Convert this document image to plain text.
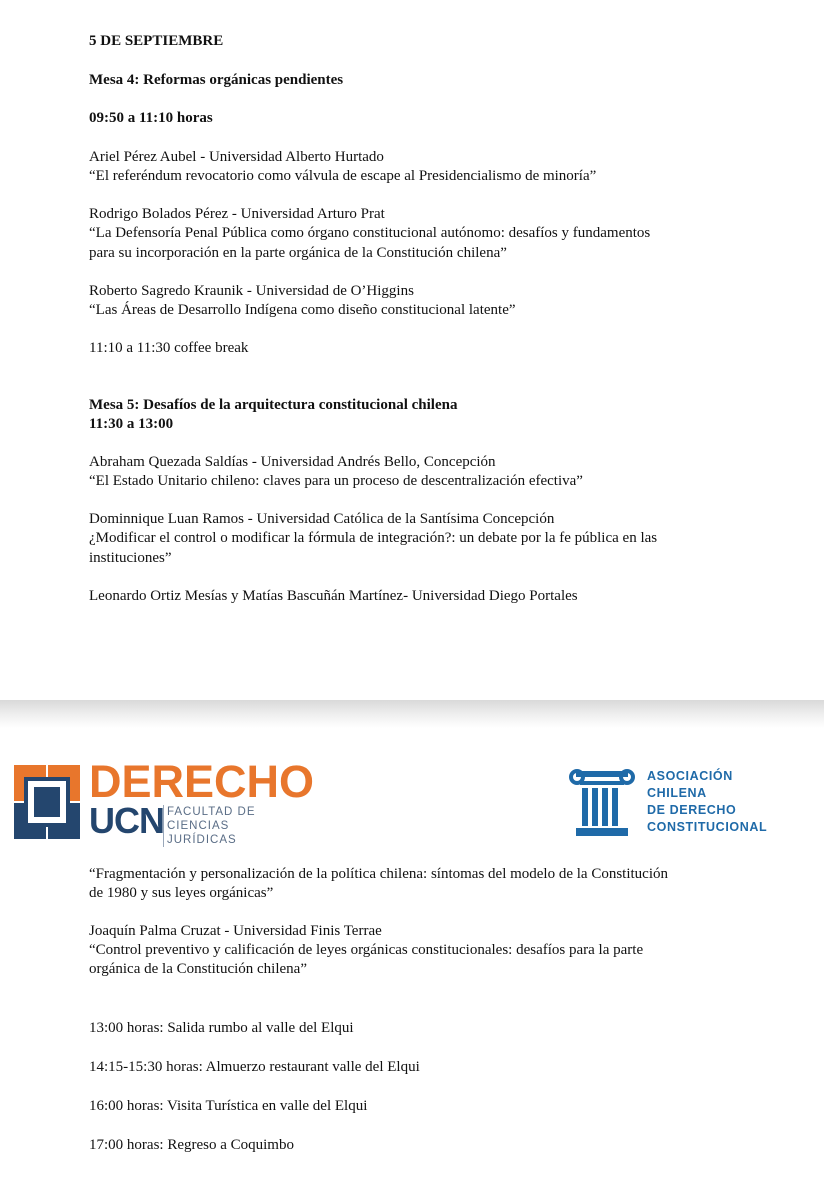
5 DE SEPTIEMBRE
Mesa 4: Reformas orgánicas pendientes
09:50 a 11:10 horas
Ariel Pérez Aubel - Universidad Alberto Hurtado
“El referéndum revocatorio como válvula de escape al Presidencialismo de minoría”
Rodrigo Bolados Pérez - Universidad Arturo Prat
“La Defensoría Penal Pública como órgano constitucional autónomo: desafíos y fundamentos
para su incorporación en la parte orgánica de la Constitución chilena”
Roberto Sagredo Kraunik - Universidad de O’Higgins
“Las Áreas de Desarrollo Indígena como diseño constitucional latente”
11:10 a 11:30 coffee break
Mesa 5: Desafíos de la arquitectura constitucional chilena
11:30 a 13:00
Abraham Quezada Saldías - Universidad Andrés Bello, Concepción
“El Estado Unitario chileno: claves para un proceso de descentralización efectiva”
Dominnique Luan Ramos - Universidad Católica de la Santísima Concepción
¿Modificar el control o modificar la fórmula de integración?: un debate por la fe pública en las
instituciones”
Leonardo Ortiz Mesías y Matías Bascuñán Martínez- Universidad Diego Portales
DERECHO
UCN FACULTAD DE
CIENCIAS JURÍDICAS
ASOCIACIÓN
CHILENA
DE DERECHO
CONSTITUCIONAL
“Fragmentación y personalización de la política chilena: síntomas del modelo de la Constitución
de 1980 y sus leyes orgánicas”
Joaquín Palma Cruzat - Universidad Finis Terrae
“Control preventivo y calificación de leyes orgánicas constitucionales: desafíos para la parte
orgánica de la Constitución chilena”
13:00 horas: Salida rumbo al valle del Elqui
14:15-15:30 horas: Almuerzo restaurant valle del Elqui
16:00 horas: Visita Turística en valle del Elqui
17:00 horas: Regreso a Coquimbo
